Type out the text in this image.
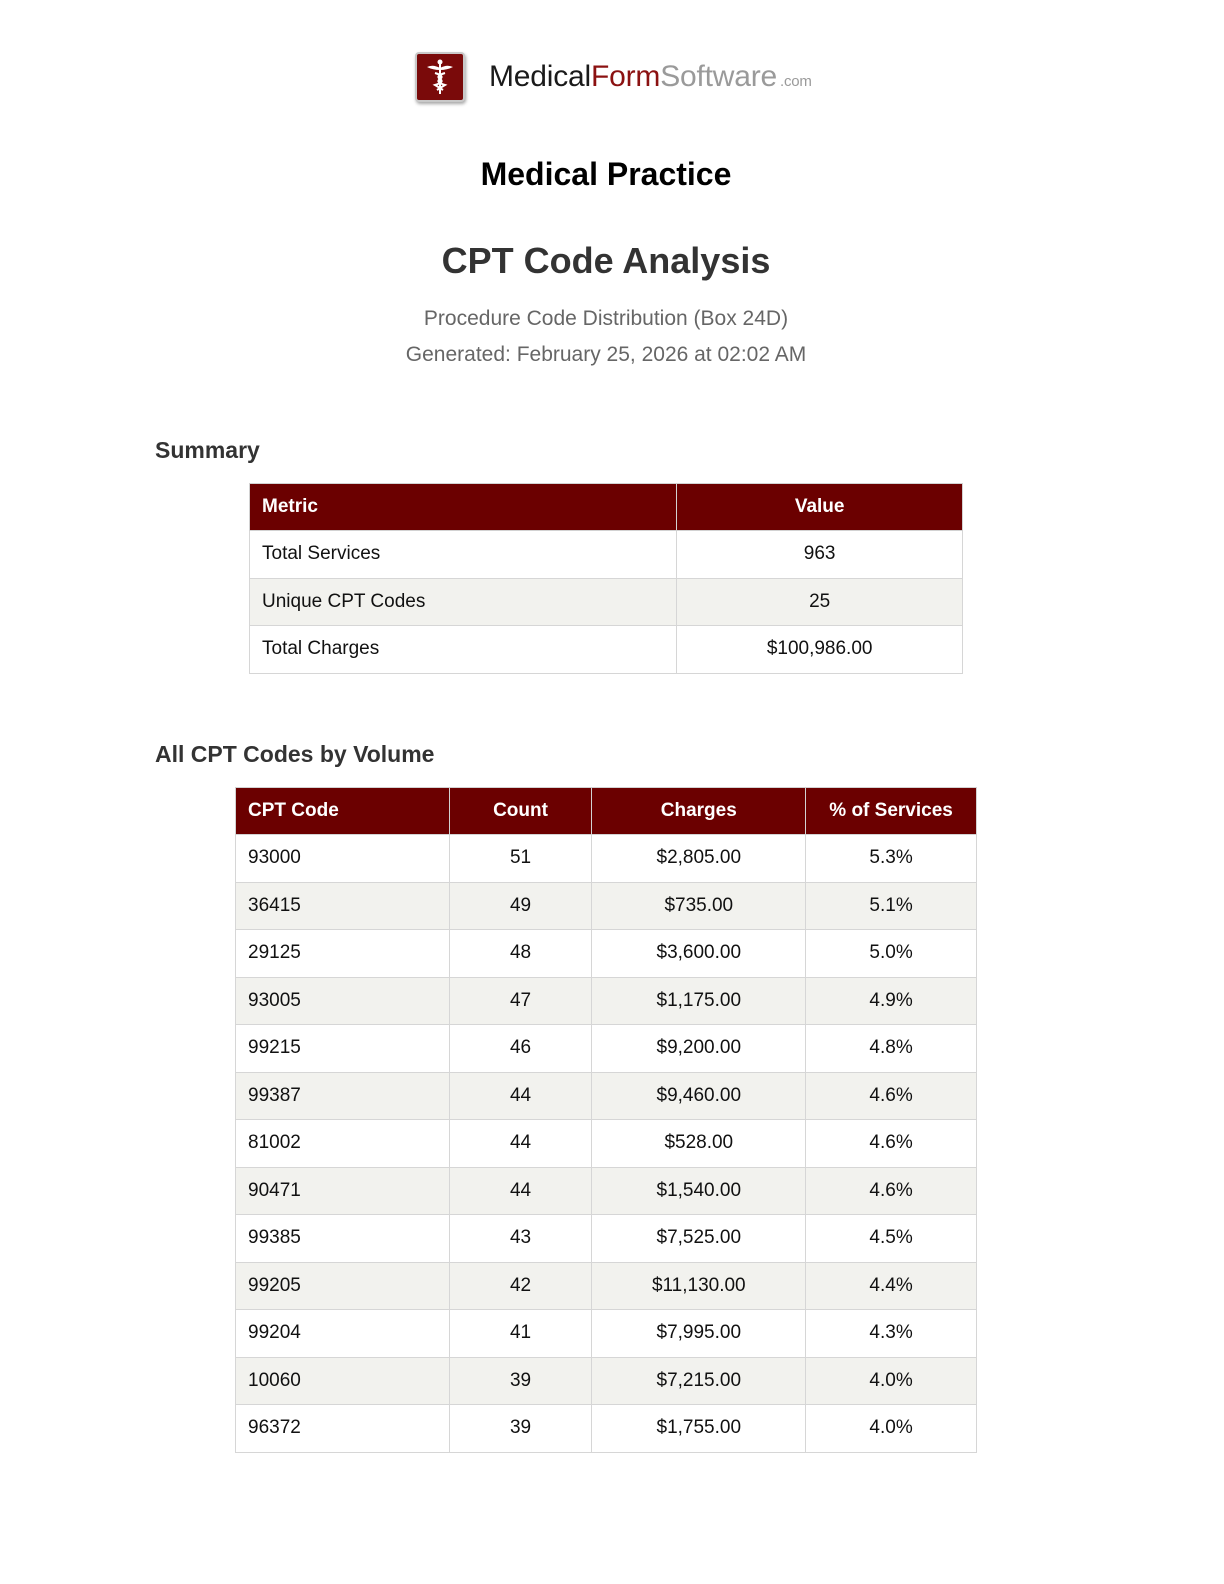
MedicalFormSoftware .com
Medical Practice
CPT Code Analysis
Procedure Code Distribution (Box 24D)
Generated: February 25, 2026 at 02:02 AM
Summary
Metric	Value
Total Services	963
Unique CPT Codes	25
Total Charges	$100,986.00
All CPT Codes by Volume
CPT Code	Count	Charges	% of Services
93000	51	$2,805.00	5.3%
36415	49	$735.00	5.1%
29125	48	$3,600.00	5.0%
93005	47	$1,175.00	4.9%
99215	46	$9,200.00	4.8%
99387	44	$9,460.00	4.6%
81002	44	$528.00	4.6%
90471	44	$1,540.00	4.6%
99385	43	$7,525.00	4.5%
99205	42	$11,130.00	4.4%
99204	41	$7,995.00	4.3%
10060	39	$7,215.00	4.0%
96372	39	$1,755.00	4.0%
